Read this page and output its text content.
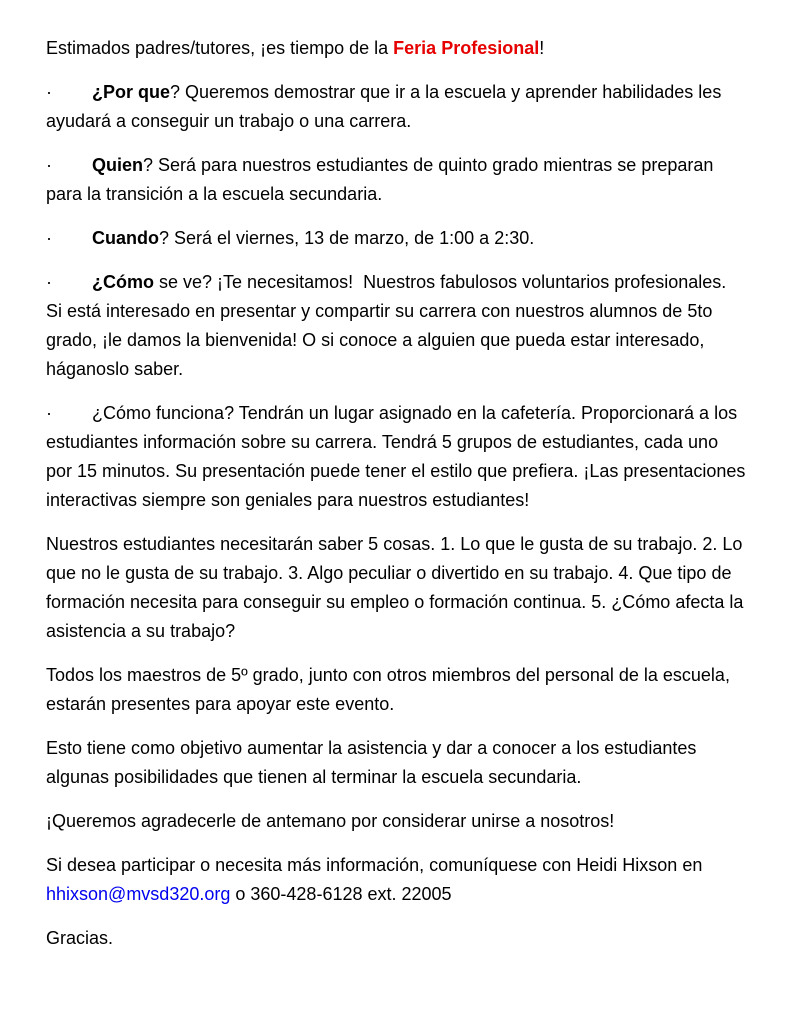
Estimados padres/tutores, ¡es tiempo de la Feria Profesional!

· ¿Por que? Queremos demostrar que ir a la escuela y aprender habilidades les ayudará a conseguir un trabajo o una carrera.

· Quien? Será para nuestros estudiantes de quinto grado mientras se preparan para la transición a la escuela secundaria.

· Cuando? Será el viernes, 13 de marzo, de 1:00 a 2:30.

· ¿Cómo se ve? ¡Te necesitamos!  Nuestros fabulosos voluntarios profesionales. Si está interesado en presentar y compartir su carrera con nuestros alumnos de 5to grado, ¡le damos la bienvenida! O si conoce a alguien que pueda estar interesado, háganoslo saber.

· ¿Cómo funciona? Tendrán un lugar asignado en la cafetería. Proporcionará a los estudiantes información sobre su carrera. Tendrá 5 grupos de estudiantes, cada uno por 15 minutos. Su presentación puede tener el estilo que prefiera. ¡Las presentaciones interactivas siempre son geniales para nuestros estudiantes!

Nuestros estudiantes necesitarán saber 5 cosas. 1. Lo que le gusta de su trabajo. 2. Lo que no le gusta de su trabajo. 3. Algo peculiar o divertido en su trabajo. 4. Que tipo de formación necesita para conseguir su empleo o formación continua. 5. ¿Cómo afecta la asistencia a su trabajo?

Todos los maestros de 5º grado, junto con otros miembros del personal de la escuela, estarán presentes para apoyar este evento.

Esto tiene como objetivo aumentar la asistencia y dar a conocer a los estudiantes algunas posibilidades que tienen al terminar la escuela secundaria.

¡Queremos agradecerle de antemano por considerar unirse a nosotros!

Si desea participar o necesita más información, comuníquese con Heidi Hixson en hhixson@mvsd320.org o 360-428-6128 ext. 22005

Gracias.
